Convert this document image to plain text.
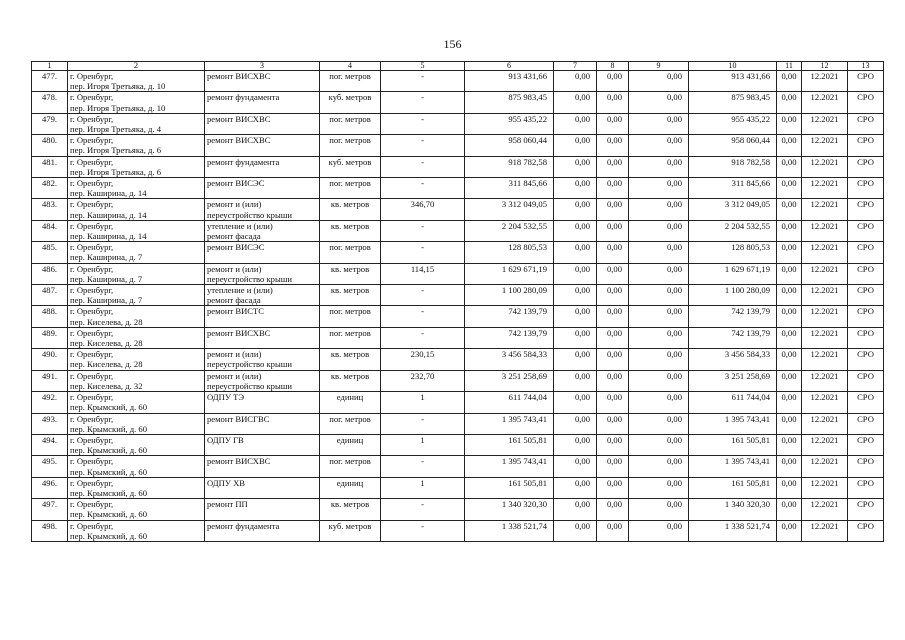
156
1	2	3	4	5	6	7	8	9	10	11	12	13

477.	г. Оренбург,
пер. Игоря Третьяка, д. 10	ремонт ВИСХВС	пог. метров	-	913 431,66	0,00	0,00	0,00	913 431,66	0,00	12.2021	СРО

478.	г. Оренбург,
пер. Игоря Третьяка, д. 10	ремонт фундамента	куб. метров	-	875 983,45	0,00	0,00	0,00	875 983,45	0,00	12.2021	СРО

479.	г. Оренбург,
пер. Игоря Третьяка, д. 4	ремонт ВИСХВС	пог. метров	-	955 435,22	0,00	0,00	0,00	955 435,22	0,00	12.2021	СРО

480.	г. Оренбург,
пер. Игоря Третьяка, д. 6	ремонт ВИСХВС	пог. метров	-	958 060,44	0,00	0,00	0,00	958 060,44	0,00	12.2021	СРО

481.	г. Оренбург,
пер. Игоря Третьяка, д. 6	ремонт фундамента	куб. метров	-	918 782,58	0,00	0,00	0,00	918 782,58	0,00	12.2021	СРО

482.	г. Оренбург,
пер. Каширина, д. 14	ремонт ВИСЭС	пог. метров	-	311 845,66	0,00	0,00	0,00	311 845,66	0,00	12.2021	СРО

483.	г. Оренбург,
пер. Каширина, д. 14	ремонт и (или)
переустройство крыши	кв. метров	346,70	3 312 049,05	0,00	0,00	0,00	3 312 049,05	0,00	12.2021	СРО

484.	г. Оренбург,
пер. Каширина, д. 14	утепление и (или)
ремонт фасада	кв. метров	-	2 204 532,55	0,00	0,00	0,00	2 204 532,55	0,00	12.2021	СРО

485.	г. Оренбург,
пер. Каширина, д. 7	ремонт ВИСЭС	пог. метров	-	128 805,53	0,00	0,00	0,00	128 805,53	0,00	12.2021	СРО

486.	г. Оренбург,
пер. Каширина, д. 7	ремонт и (или)
переустройство крыши	кв. метров	114,15	1 629 671,19	0,00	0,00	0,00	1 629 671,19	0,00	12.2021	СРО

487.	г. Оренбург,
пер. Каширина, д. 7	утепление и (или)
ремонт фасада	кв. метров	-	1 100 280,09	0,00	0,00	0,00	1 100 280,09	0,00	12.2021	СРО

488.	г. Оренбург,
пер. Киселева, д. 28	ремонт ВИСТС	пог. метров	-	742 139,79	0,00	0,00	0,00	742 139,79	0,00	12.2021	СРО

489.	г. Оренбург,
пер. Киселева, д. 28	ремонт ВИСХВС	пог. метров	-	742 139,79	0,00	0,00	0,00	742 139,79	0,00	12.2021	СРО

490.	г. Оренбург,
пер. Киселева, д. 28	ремонт и (или)
переустройство крыши	кв. метров	230,15	3 456 584,33	0,00	0,00	0,00	3 456 584,33	0,00	12.2021	СРО

491.	г. Оренбург,
пер. Киселева, д. 32	ремонт и (или)
переустройство крыши	кв. метров	232,70	3 251 258,69	0,00	0,00	0,00	3 251 258,69	0,00	12.2021	СРО

492.	г. Оренбург,
пер. Крымский, д. 60	ОДПУ ТЭ	единиц	1	611 744,04	0,00	0,00	0,00	611 744,04	0,00	12.2021	СРО

493.	г. Оренбург,
пер. Крымский, д. 60	ремонт ВИСГВС	пог. метров	-	1 395 743,41	0,00	0,00	0,00	1 395 743,41	0,00	12.2021	СРО

494.	г. Оренбург,
пер. Крымский, д. 60	ОДПУ ГВ	единиц	1	161 505,81	0,00	0,00	0,00	161 505,81	0,00	12.2021	СРО

495.	г. Оренбург,
пер. Крымский, д. 60	ремонт ВИСХВС	пог. метров	-	1 395 743,41	0,00	0,00	0,00	1 395 743,41	0,00	12.2021	СРО

496.	г. Оренбург,
пер. Крымский, д. 60	ОДПУ ХВ	единиц	1	161 505,81	0,00	0,00	0,00	161 505,81	0,00	12.2021	СРО

497.	г. Оренбург,
пер. Крымский, д. 60	ремонт ПП	кв. метров	-	1 340 320,30	0,00	0,00	0,00	1 340 320,30	0,00	12.2021	СРО

498.	г. Оренбург,
пер. Крымский, д. 60	ремонт фундамента	куб. метров	-	1 338 521,74	0,00	0,00	0,00	1 338 521,74	0,00	12.2021	СРО
